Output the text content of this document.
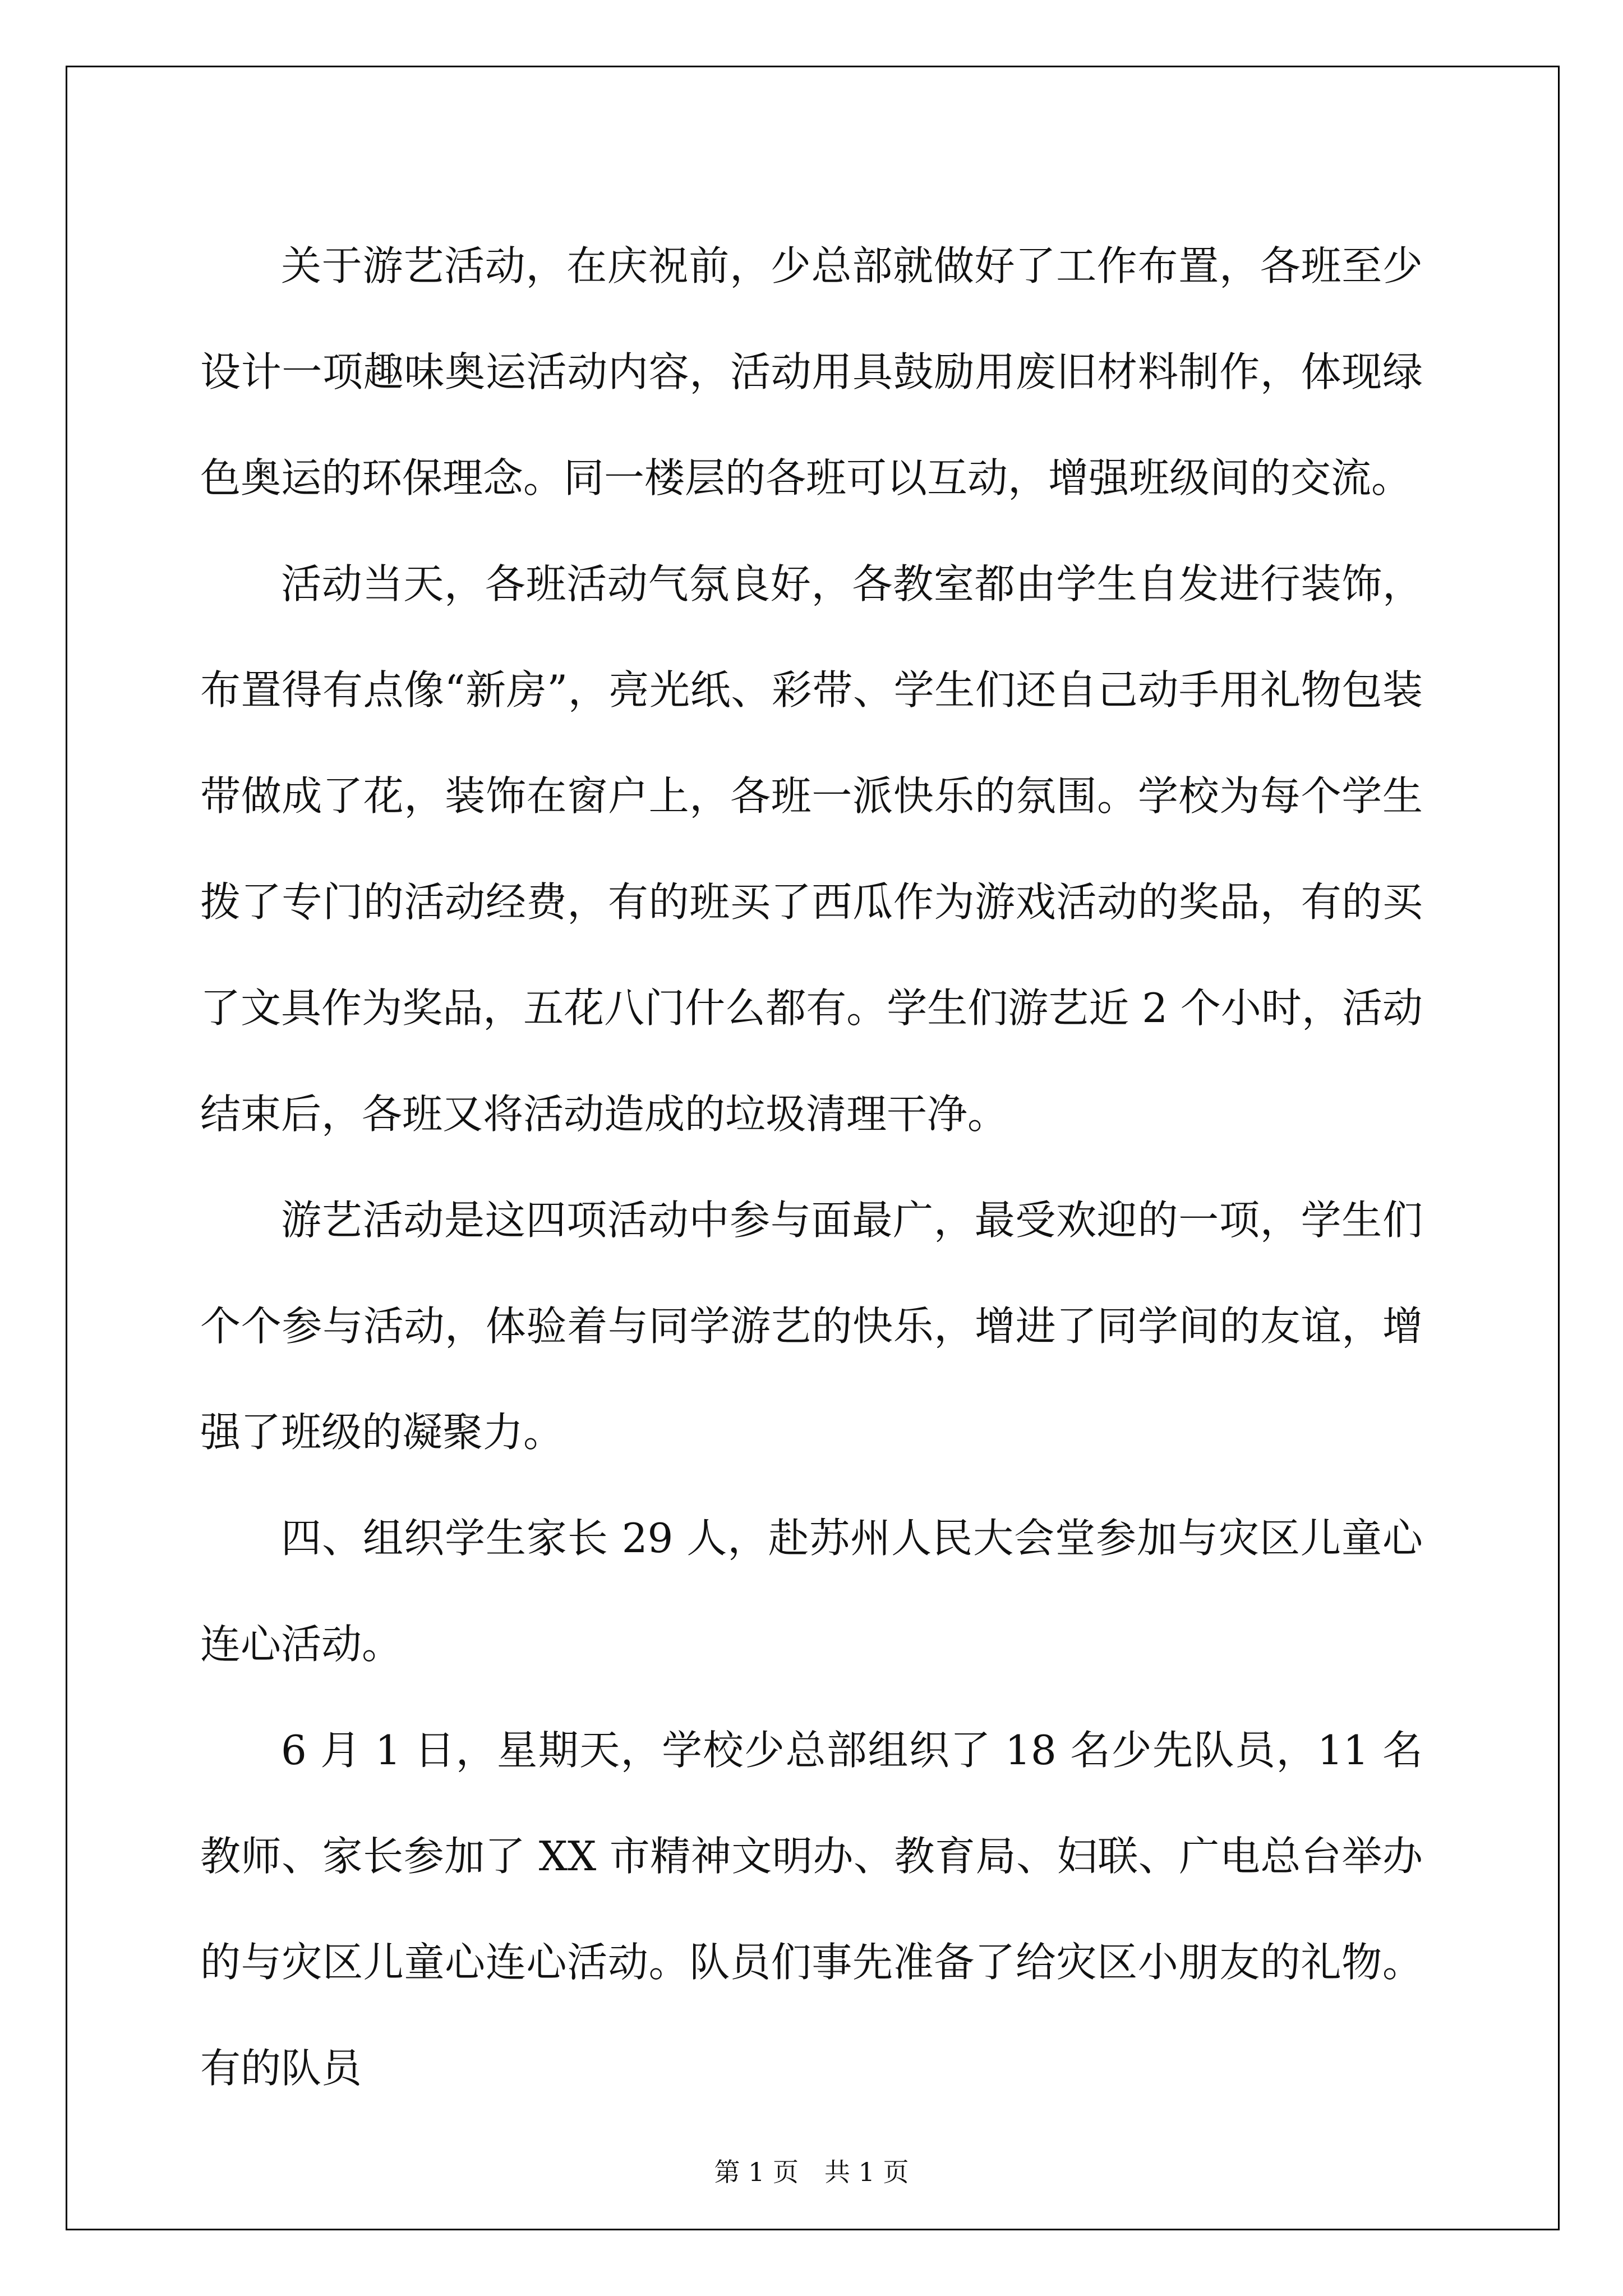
关于游艺活动，在庆祝前，少总部就做好了工作布置，各班至少设计一项趣味奥运活动内容，活动用具鼓励用废旧材料制作，体现绿色奥运的环保理念。同一楼层的各班可以互动，增强班级间的交流。

活动当天，各班活动气氛良好，各教室都由学生自发进行装饰，布置得有点像“新房”，亮光纸、彩带、学生们还自己动手用礼物包装带做成了花，装饰在窗户上，各班一派快乐的氛围。学校为每个学生拨了专门的活动经费，有的班买了西瓜作为游戏活动的奖品，有的买了文具作为奖品，五花八门什么都有。学生们游艺近 2 个小时，活动结束后，各班又将活动造成的垃圾清理干净。

游艺活动是这四项活动中参与面最广，最受欢迎的一项，学生们个个参与活动，体验着与同学游艺的快乐，增进了同学间的友谊，增强了班级的凝聚力。

四、组织学生家长 29 人，赴苏州人民大会堂参加与灾区儿童心连心活动。

6 月 1 日，星期天，学校少总部组织了 18 名少先队员，11 名教师、家长参加了 XX 市精神文明办、教育局、妇联、广电总台举办的与灾区儿童心连心活动。队员们事先准备了给灾区小朋友的礼物。有的队员

第 1 页 共 1 页
